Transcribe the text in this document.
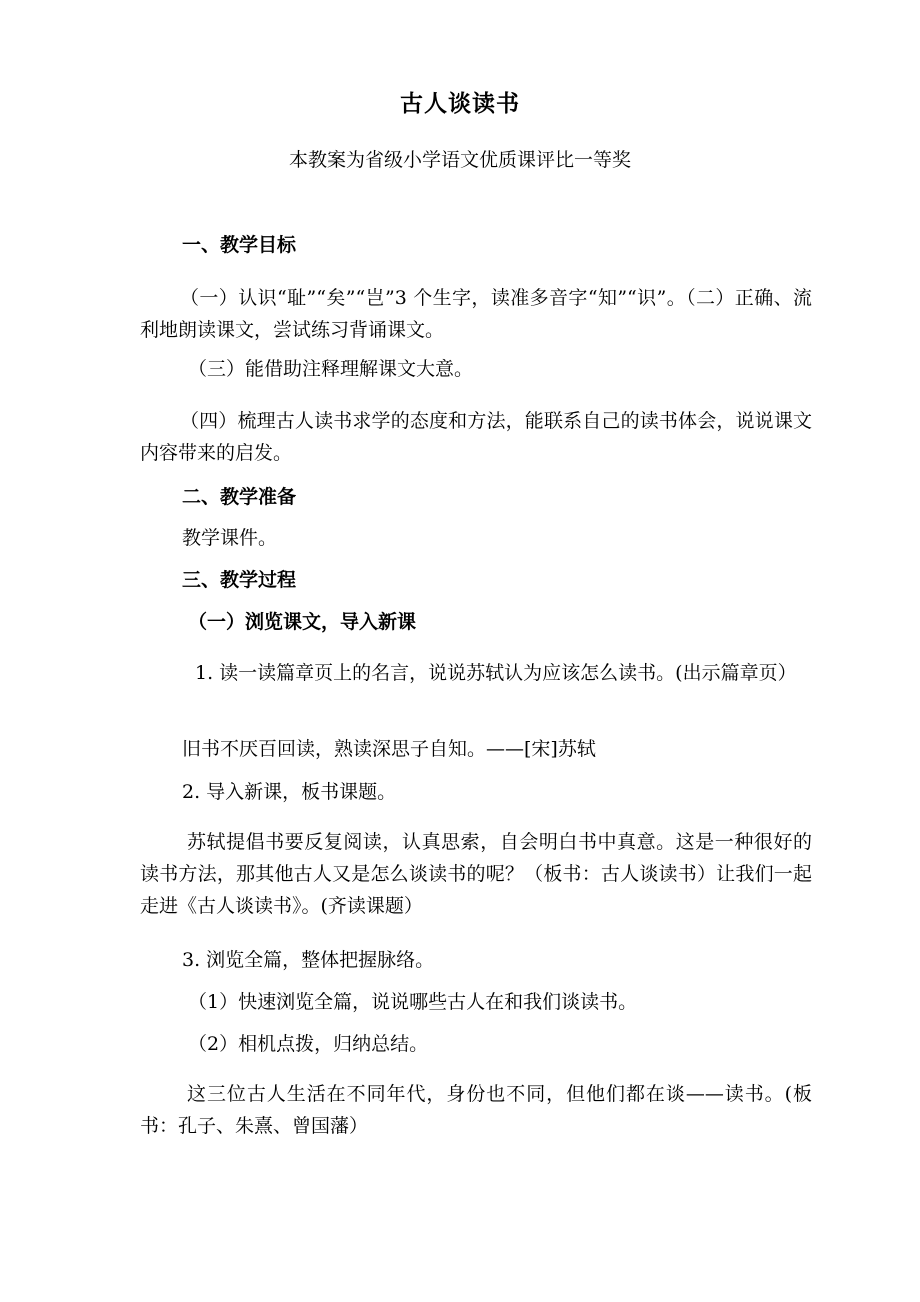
古人谈读书
本教案为省级小学语文优质课评比一等奖
一、教学目标
（一）认识“耻”“矣”“岂”3 个生字，读准多音字“知”“识”。（二）正确、流利地朗读课文，尝试练习背诵课文。
（三）能借助注释理解课文大意。
（四）梳理古人读书求学的态度和方法，能联系自己的读书体会，说说课文内容带来的启发。
二、教学准备
教学课件。
三、教学过程
（一）浏览课文，导入新课
1. 读一读篇章页上的名言，说说苏轼认为应该怎么读书。(出示篇章页）
旧书不厌百回读，熟读深思子自知。——[宋]苏轼
2. 导入新课，板书课题。
苏轼提倡书要反复阅读，认真思索，自会明白书中真意。这是一种很好的读书方法，那其他古人又是怎么谈读书的呢？（板书：古人谈读书）让我们一起走进《古人谈读书》。(齐读课题）
3. 浏览全篇，整体把握脉络。
（1）快速浏览全篇，说说哪些古人在和我们谈读书。
（2）相机点拨，归纳总结。
这三位古人生活在不同年代，身份也不同，但他们都在谈——读书。(板书：孔子、朱熹、曾国藩）
